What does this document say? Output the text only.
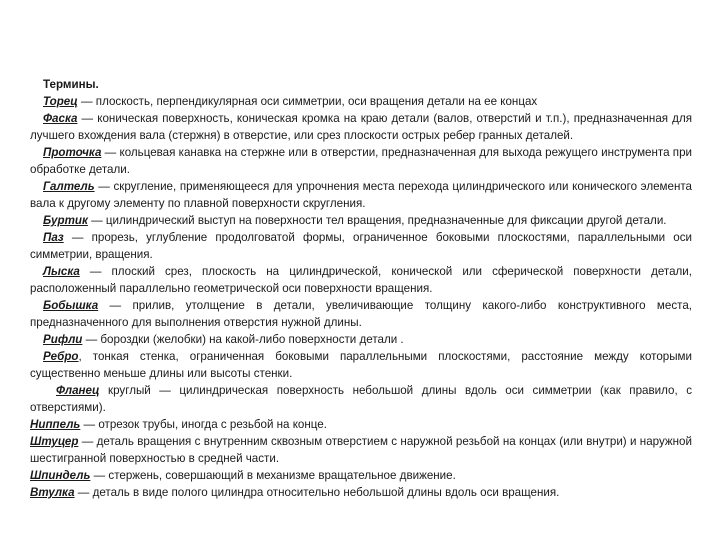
Термины.

Торец — плоскость, перпендикулярная оси симметрии, оси вращения детали на ее концах

Фаска — коническая поверхность, коническая кромка на краю детали (валов, отверстий и т.п.), предназначенная для лучшего вхождения вала (стержня) в отверстие, или срез плоскости острых ребер гранных деталей.

Проточка — кольцевая канавка на стержне или в отверстии, предназначенная для выхода режущего инструмента при обработке детали.

Галтель — скругление, применяющееся для упрочнения места перехода цилиндрического или конического элемента вала к другому элементу по плавной поверхности скругления.

Буртик — цилиндрический выступ на поверхности тел вращения, предназначенные для фиксации другой детали.

Паз — прорезь, углубление продолговатой формы, ограниченное боковыми плоскостями, параллельными оси симметрии, вращения.

Лыска — плоский срез, плоскость на цилиндрической, конической или сферической поверхности детали, расположенный параллельно геометрической оси поверхности вращения.

Бобышка — прилив, утолщение в детали, увеличивающие толщину какого-либо конструктивного места, предназначенного для выполнения отверстия нужной длины.

Рифли — бороздки (желобки) на какой-либо поверхности детали .

Ребро, тонкая стенка, ограниченная боковыми параллельными плоскостями, расстояние между которыми существенно меньше длины или высоты стенки.

Фланец круглый — цилиндрическая поверхность небольшой длины вдоль оси симметрии (как правило, с отверстиями).

Ниппель — отрезок трубы, иногда с резьбой на конце.

Штуцер — деталь вращения с внутренним сквозным отверстием с наружной резьбой на концах (или внутри) и наружной шестигранной поверхностью в средней части.

Шпиндель — стержень, совершающий в механизме вращательное движение.

Втулка — деталь в виде полого цилиндра относительно небольшой длины вдоль оси вращения.
